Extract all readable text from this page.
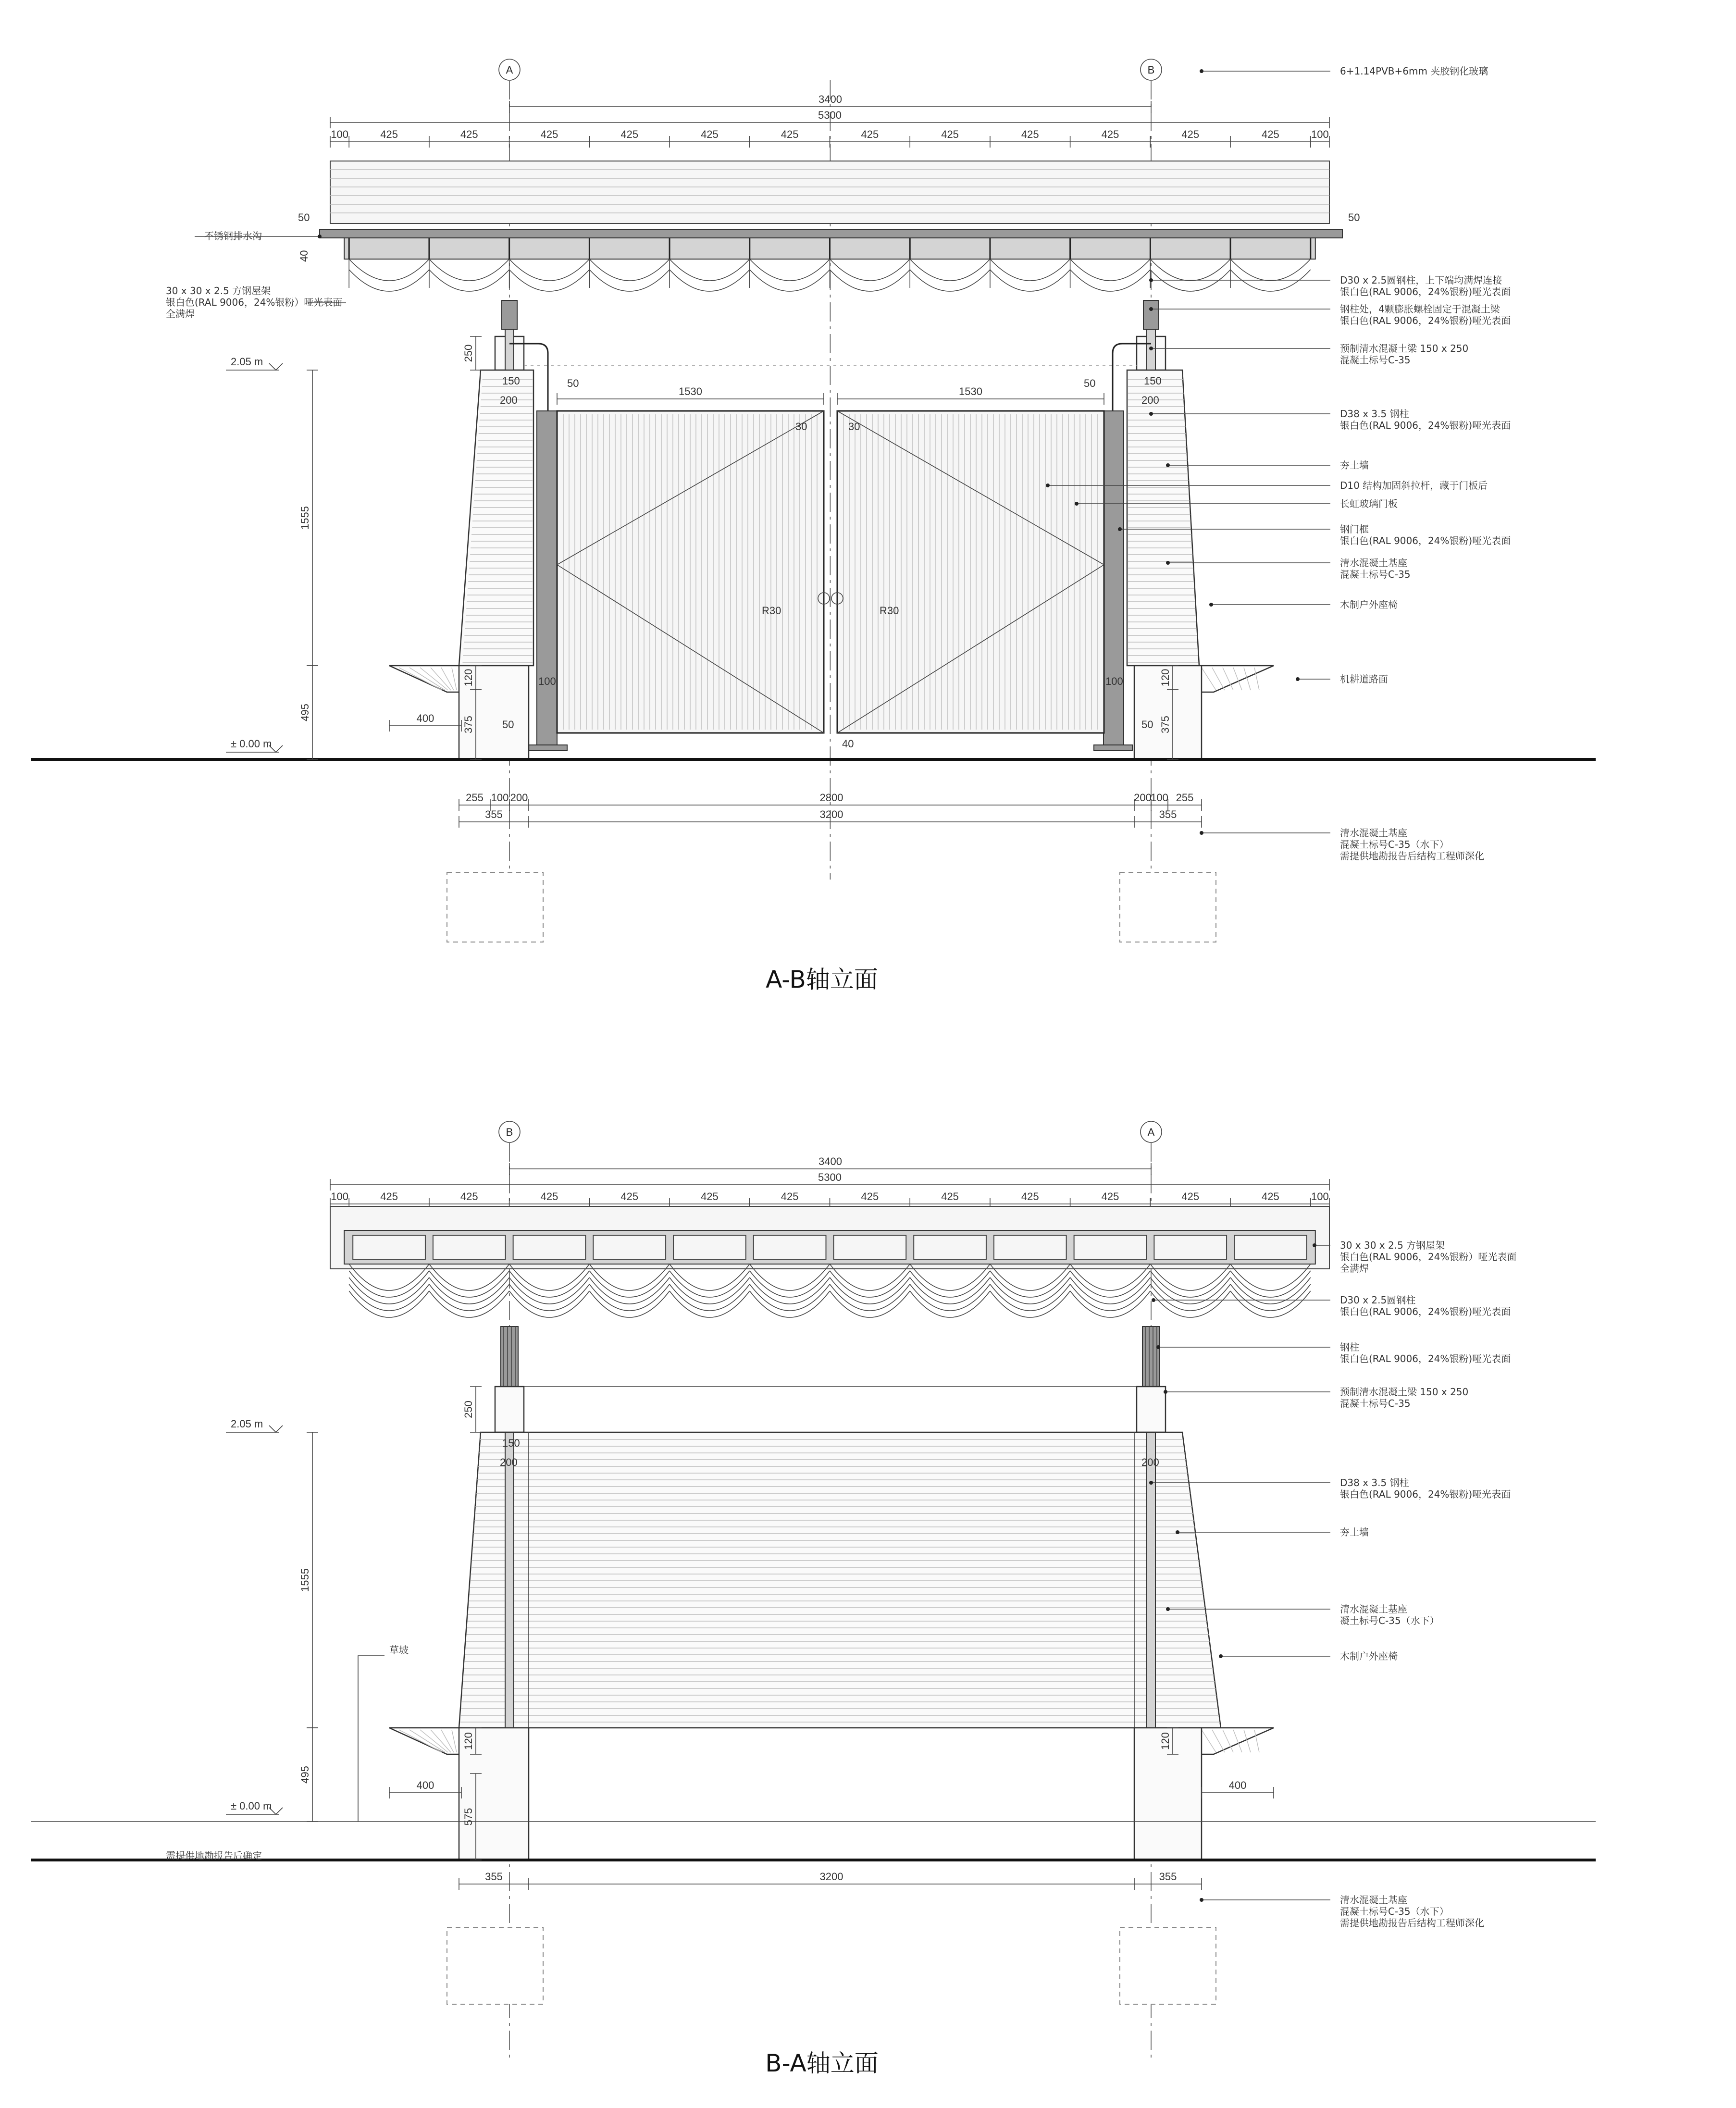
A	B
3400
5300
100	425	425	425	425	425	425	425	425	425	425	425	425	100
1555
495
250
120
375
120
375
2.05 m
± 0.00 m
1530	1530
50	50
150	150
200	200
30	30
R30	R30
40
100	100
50
50
400
50	50
40
255 100 200	2800	200
100 255
355	3200	355
不锈钢排水沟
30 x 30 x 2.5 方钢屋架
银白色(RAL 9006，24%银粉）哑光表面
全满焊
6+1.14PVB+6mm 夹胶钢化玻璃
D30 x 2.5圆钢柱，上下端均满焊连接
银白色(RAL 9006，24%银粉)哑光表面
钢柱处，4颗膨胀螺栓固定于混凝土梁
银白色(RAL 9006，24%银粉)哑光表面
预制清水混凝土梁 150 x 250
混凝土标号C-35
D38 x 3.5 钢柱
银白色(RAL 9006，24%银粉)哑光表面
夯土墙
D10 结构加固斜拉杆，藏于门板后
长虹玻璃门板
钢门框
银白色(RAL 9006，24%银粉)哑光表面
清水混凝土基座
混凝土标号C-35
木制户外座椅
机耕道路面
清水混凝土基座
混凝土标号C-35（水下）
需提供地勘报告后结构工程师深化
A-B轴立面
B	A
3400
5300
100	425	425	425	425	425	425	425	425	425	425	425	425	100
1555
495
250
120
575
120
2.05 m
± 0.00 m
150
200	200
400	400
355	3200	355
草坡
需提供地勘报告后确定
30 x 30 x 2.5 方钢屋架
银白色(RAL 9006，24%银粉）哑光表面
全满焊
D30 x 2.5圆钢柱
银白色(RAL 9006，24%银粉)哑光表面
钢柱
银白色(RAL 9006，24%银粉)哑光表面
预制清水混凝土梁 150 x 250
混凝土标号C-35
D38 x 3.5 钢柱
银白色(RAL 9006，24%银粉)哑光表面
夯土墙
清水混凝土基座
凝土标号C-35（水下）
木制户外座椅
清水混凝土基座
混凝土标号C-35（水下）
需提供地勘报告后结构工程师深化
B-A轴立面
